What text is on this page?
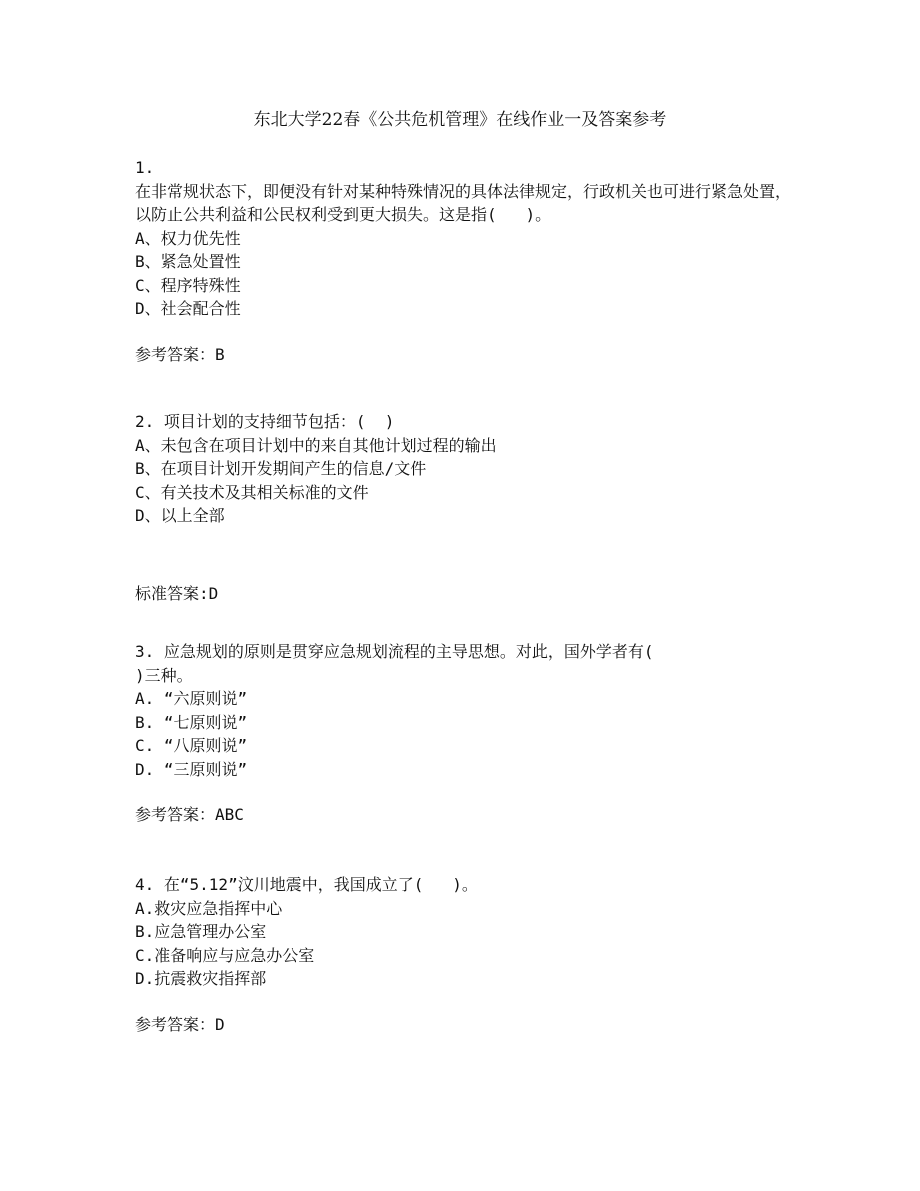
东北大学22春《公共危机管理》在线作业一及答案参考
1.
在非常规状态下，即便没有针对某种特殊情况的具体法律规定，行政机关也可进行紧急处置，以防止公共利益和公民权利受到更大损失。这是指(   )。
A、权力优先性
B、紧急处置性
C、程序特殊性
D、社会配合性
参考答案：B
2. 项目计划的支持细节包括：(  )
A、未包含在项目计划中的来自其他计划过程的输出
B、在项目计划开发期间产生的信息/文件
C、有关技术及其相关标准的文件
D、以上全部
标准答案:D
3. 应急规划的原则是贯穿应急规划流程的主导思想。对此，国外学者有(
)三种。
A. “六原则说”
B. “七原则说”
C. “八原则说”
D. “三原则说”
参考答案：ABC
4. 在“5.12”汶川地震中，我国成立了(   )。
A.救灾应急指挥中心
B.应急管理办公室
C.准备响应与应急办公室
D.抗震救灾指挥部
参考答案：D
